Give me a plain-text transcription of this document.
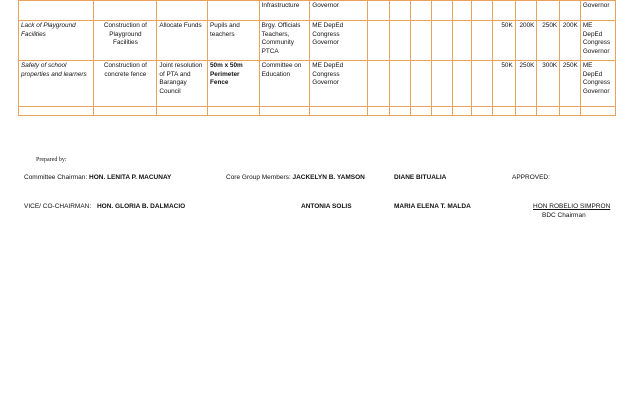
				Infrastructure	Governor											Governor
Lack of Playground Facilities	Construction of Playground Facilities	Allocate Funds	Pupils and teachers	Brgy. Officials Teachers, Community PTCA	ME DepEd Congress Governor							50K	200K	250K	200K	ME DepEd Congress Governor
Safety of school properties and learners	Construction of concrete fence	Joint resolution of PTA and Barangay Council	50m x 50m Perimeter Fence	Committee on Education	ME DepEd Congress Governor							50K	250K	300K	250K	ME DepEd Congress Governor

Prepared by:
Committee Chairman: HON. LENITA P. MACUNAY	Core Group Members: JACKELYN B. YAMSON	DIANE BITUALIA	APPROVED:
VICE/ CO-CHAIRMAN: HON. GLORIA B. DALMACIO	ANTONIA SOLIS	MARIA ELENA T. MALDA	HON ROBELIO SIMPRON
BDC Chairman
